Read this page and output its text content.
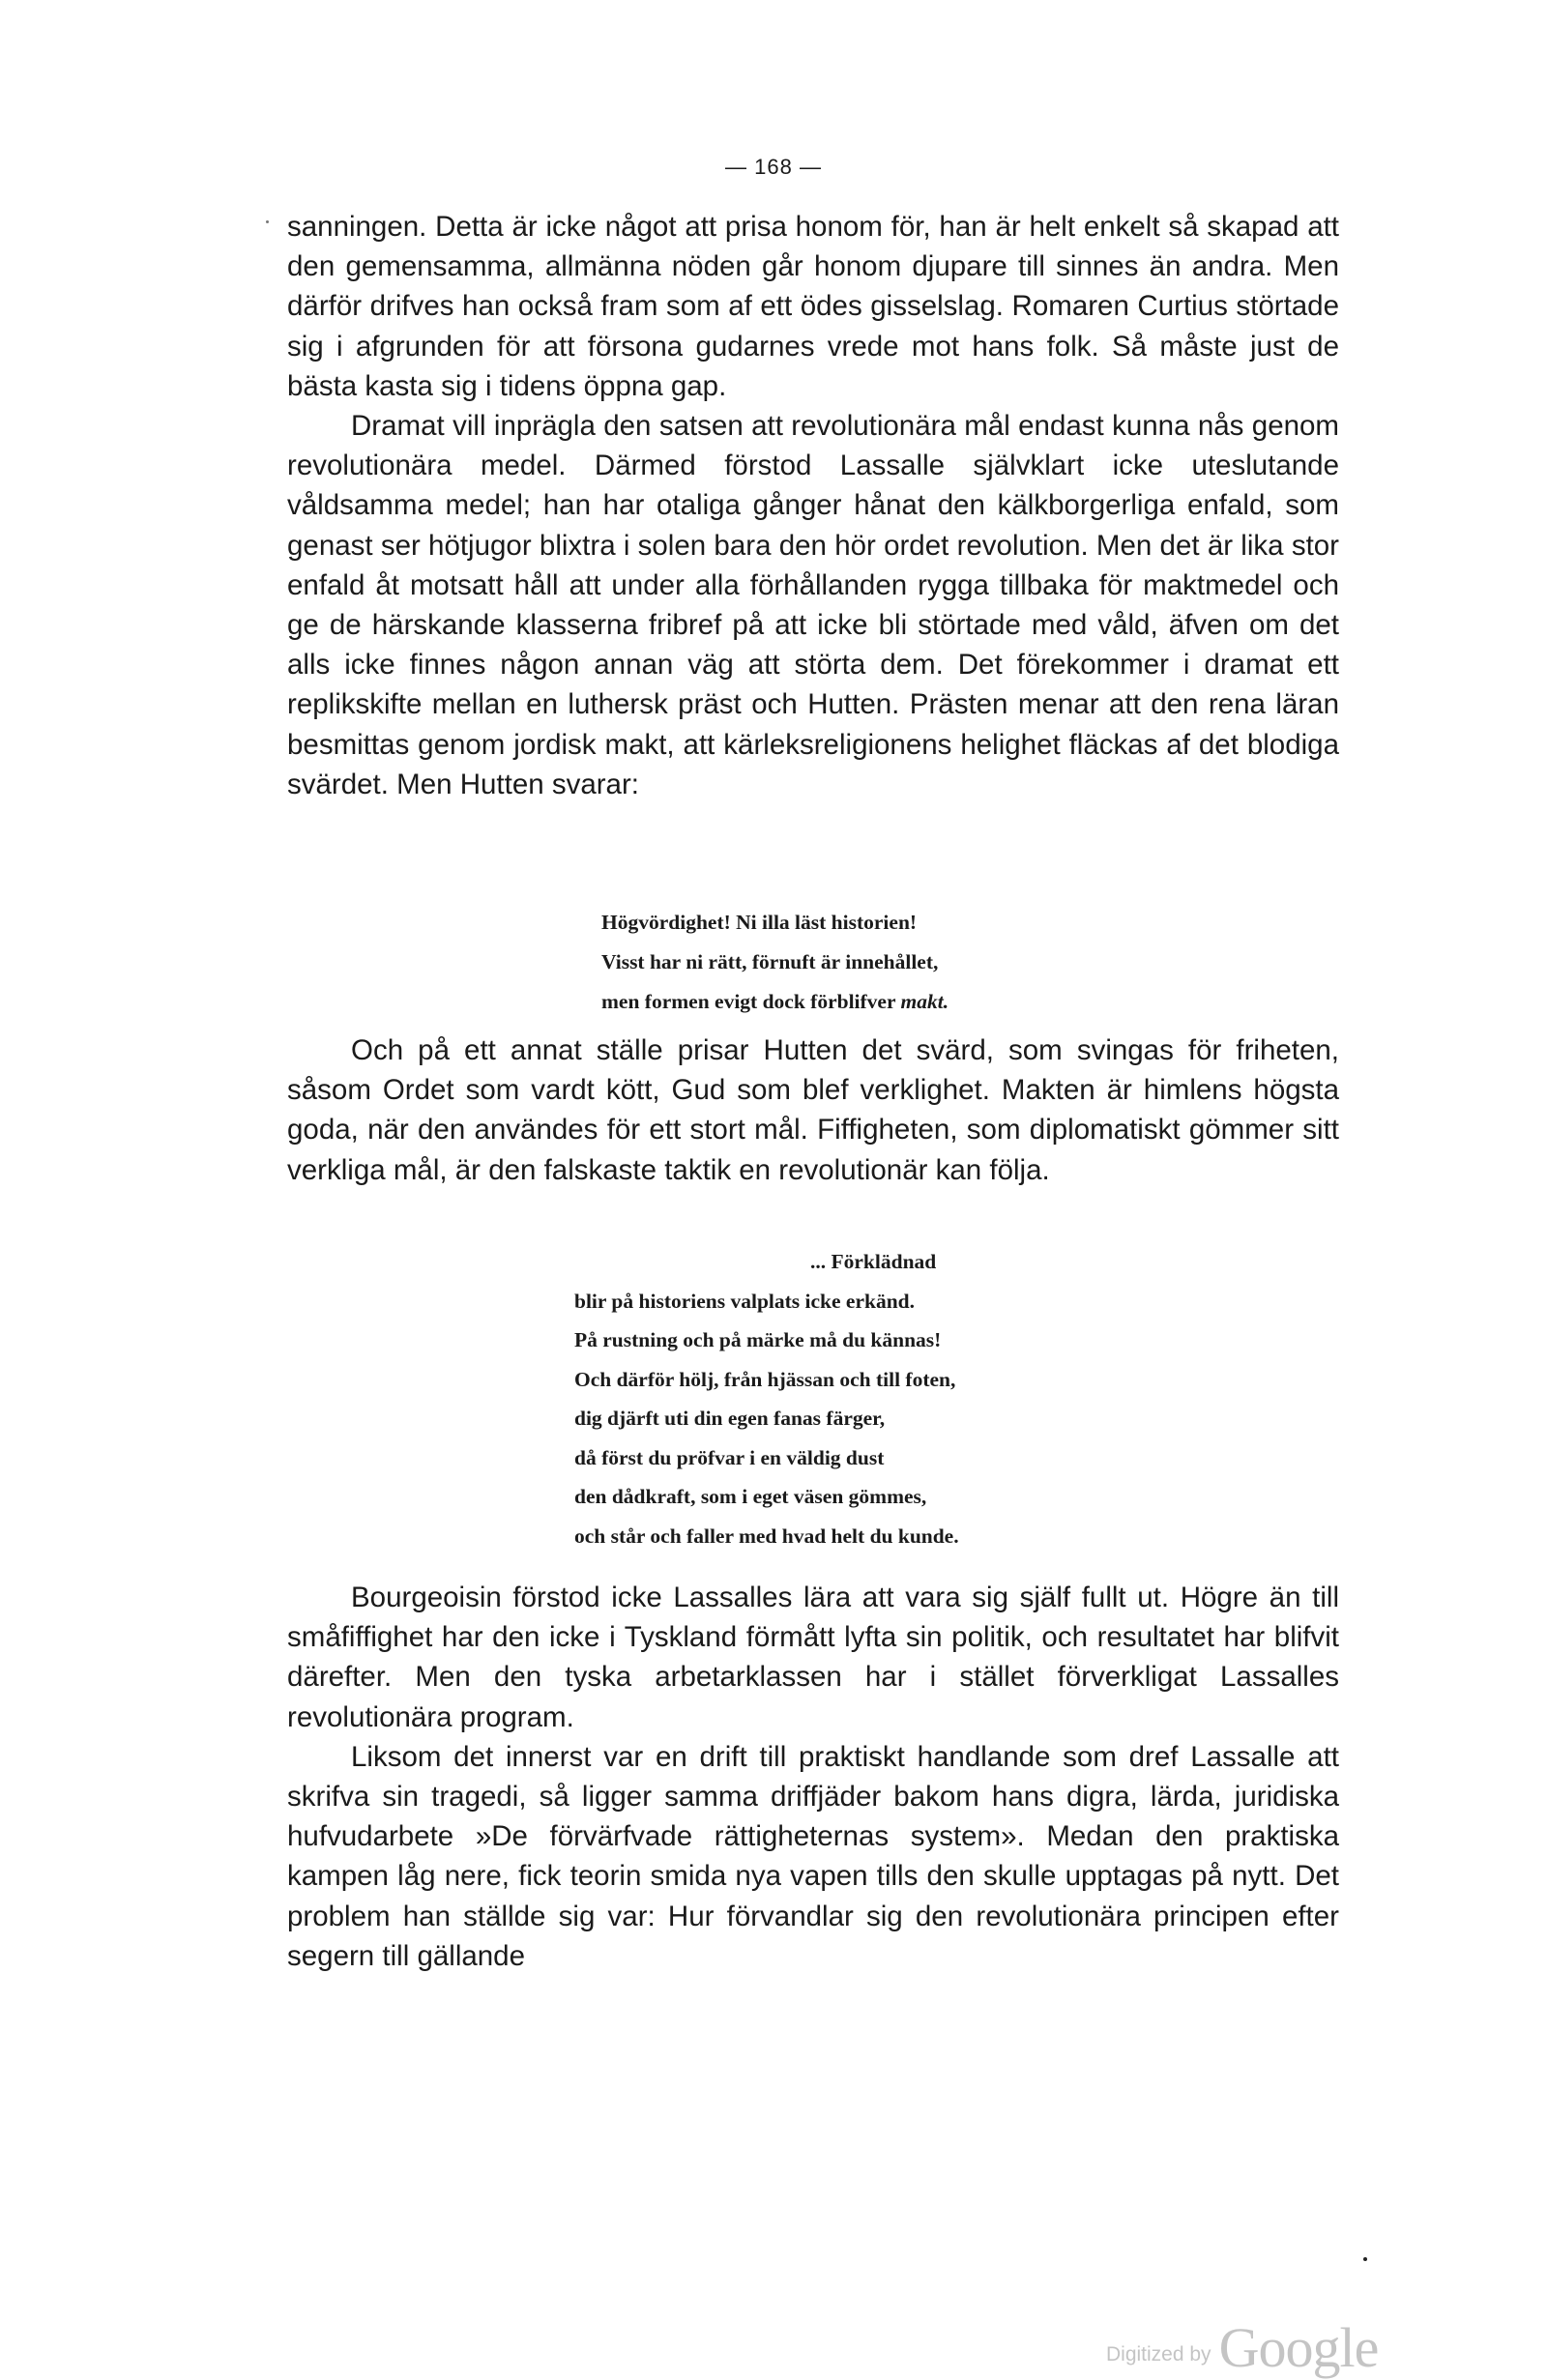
— 168 —

sanningen. Detta är icke något att prisa honom för, han är helt enkelt så skapad att den gemensamma, allmänna nöden går honom djupare till sinnes än andra. Men därför drifves han också fram som af ett ödes gisselslag. Romaren Curtius störtade sig i afgrunden för att försona gudarnes vrede mot hans folk. Så måste just de bästa kasta sig i tidens öppna gap.

Dramat vill inprägla den satsen att revolutionära mål endast kunna nås genom revolutionära medel. Därmed förstod Lassalle självklart icke uteslutande våldsamma medel; han har otaliga gånger hånat den kälkborgerliga enfald, som genast ser hötjugor blixtra i solen bara den hör ordet revolution. Men det är lika stor enfald åt motsatt håll att under alla förhållanden rygga tillbaka för maktmedel och ge de härskande klasserna fribref på att icke bli störtade med våld, äfven om det alls icke finnes någon annan väg att störta dem. Det förekommer i dramat ett replikskifte mellan en luthersk präst och Hutten. Prästen menar att den rena läran besmittas genom jordisk makt, att kärleksreligionens helighet fläckas af det blodiga svärdet. Men Hutten svarar:

Högvördighet! Ni illa läst historien!
Visst har ni rätt, förnuft är innehållet,
men formen evigt dock förblifver makt.

Och på ett annat ställe prisar Hutten det svärd, som svingas för friheten, såsom Ordet som vardt kött, Gud som blef verklighet. Makten är himlens högsta goda, när den användes för ett stort mål. Fiffigheten, som diplomatiskt gömmer sitt verkliga mål, är den falskaste taktik en revolutionär kan följa.

... Förklädnad
blir på historiens valplats icke erkänd.
På rustning och på märke må du kännas!
Och därför hölj, från hjässan och till foten,
dig djärft uti din egen fanas färger,
då först du pröfvar i en väldig dust
den dådkraft, som i eget väsen gömmes,
och står och faller med hvad helt du kunde.

Bourgeoisin förstod icke Lassalles lära att vara sig själf fullt ut. Högre än till småfiffighet har den icke i Tyskland förmått lyfta sin politik, och resultatet har blifvit därefter. Men den tyska arbetarklassen har i stället förverkligat Lassalles revolutionära program.

Liksom det innerst var en drift till praktiskt handlande som dref Lassalle att skrifva sin tragedi, så ligger samma driffjäder bakom hans digra, lärda, juridiska hufvudarbete »De förvärfvade rättigheternas system». Medan den praktiska kampen låg nere, fick teorin smida nya vapen tills den skulle upptagas på nytt. Det problem han ställde sig var: Hur förvandlar sig den revolutionära principen efter segern till gällande

Digitized by Google
